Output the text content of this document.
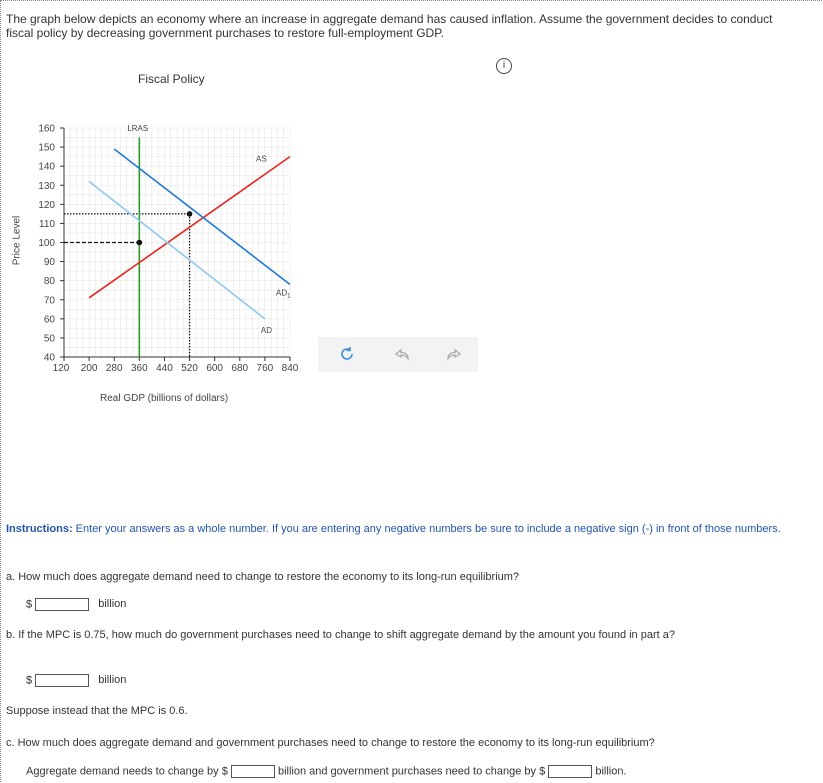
The graph below depicts an economy where an increase in aggregate demand has caused inflation. Assume the government decides to conduct fiscal policy by decreasing government purchases to restore full-employment GDP.
i
Fiscal Policy
Price Level
40
50
60
70
80
90
100
110
120
130
140
150
160
120 200 280 360 440 520 600 680 760 840
LRAS
AS
AD
$AD_1$
Real GDP (billions of dollars)
Instructions: Enter your answers as a whole number. If you are entering any negative numbers be sure to include a negative sign (-) in front of those numbers.
a. How much does aggregate demand need to change to restore the economy to its long-run equilibrium?
$	billion
b. If the MPC is 0.75, how much do government purchases need to change to shift aggregate demand by the amount you found in part a?
$	billion
Suppose instead that the MPC is 0.6.
c. How much does aggregate demand and government purchases need to change to restore the economy to its long-run equilibrium?
Aggregate demand needs to change by $	billion and government purchases need to change by $	billion.
